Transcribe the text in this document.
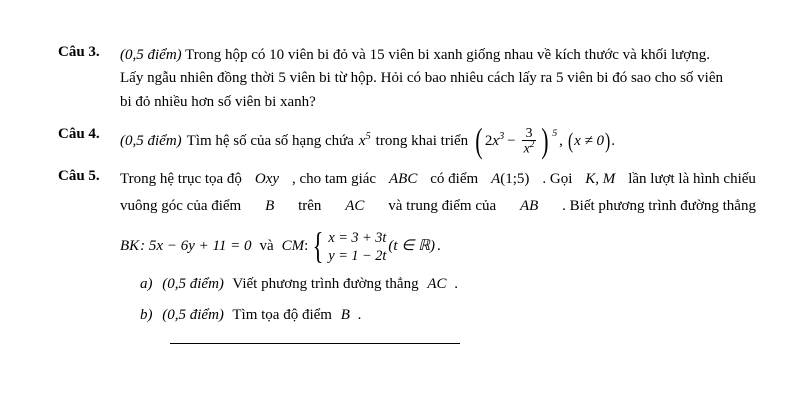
Câu 3.	(0,5 điểm) Trong hộp có 10 viên bi đỏ và 15 viên bi xanh giống nhau về kích thước và khối lượng.
Lấy ngẫu nhiên đồng thời 5 viên bi từ hộp. Hỏi có bao nhiêu cách lấy ra 5 viên bi đó sao cho số viên
bi đỏ nhiều hơn số viên bi xanh?
Câu 4.	(0,5 điểm) Tìm hệ số của số hạng chứa $x^5$ trong khai triển ( $2x^3 - \frac{3}{x^2}$ ) 5 , ( x ≠ 0 ) .
Câu 5.	Trong hệ trục tọa độ Oxy , cho tam giác ABC có điểm A(1;5) . Gọi K, M lần lượt là hình chiếu
vuông góc của điểm B trên AC và trung điểm của AB . Biết phương trình đường thẳng
BK : 5x − 6y + 11 = 0 và CM : { x = 3 + 3t
y = 1 − 2t
(t ∈ ℝ) .
a) (0,5 điểm) Viết phương trình đường thẳng AC .
b) (0,5 điểm) Tìm tọa độ điểm B .
